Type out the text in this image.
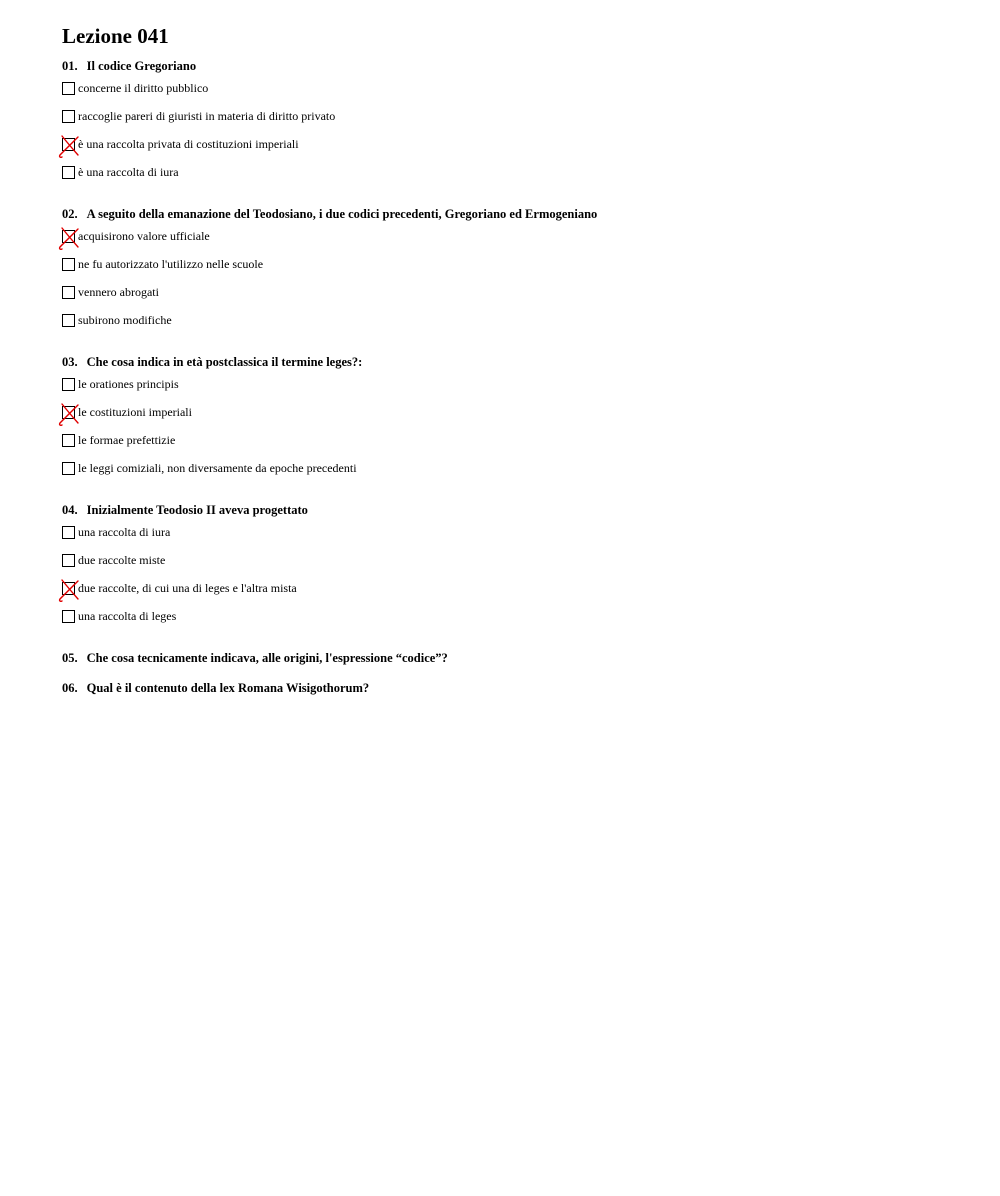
Lezione 041
01. Il codice Gregoriano
concerne il diritto pubblico
raccoglie pareri di giuristi in materia di diritto privato
è una raccolta privata di costituzioni imperiali
è una raccolta di iura
02. A seguito della emanazione del Teodosiano, i due codici precedenti, Gregoriano ed Ermogeniano
acquisirono valore ufficiale
ne fu autorizzato l'utilizzo nelle scuole
vennero abrogati
subirono modifiche
03. Che cosa indica in età postclassica il termine leges?:
le orationes principis
le costituzioni imperiali
le formae prefettizie
le leggi comiziali, non diversamente da epoche precedenti
04. Inizialmente Teodosio II aveva progettato
una raccolta di iura
due raccolte miste
due raccolte, di cui una di leges e l'altra mista
una raccolta di leges
05. Che cosa tecnicamente indicava, alle origini, l'espressione “codice”?
06. Qual è il contenuto della lex Romana Wisigothorum?
